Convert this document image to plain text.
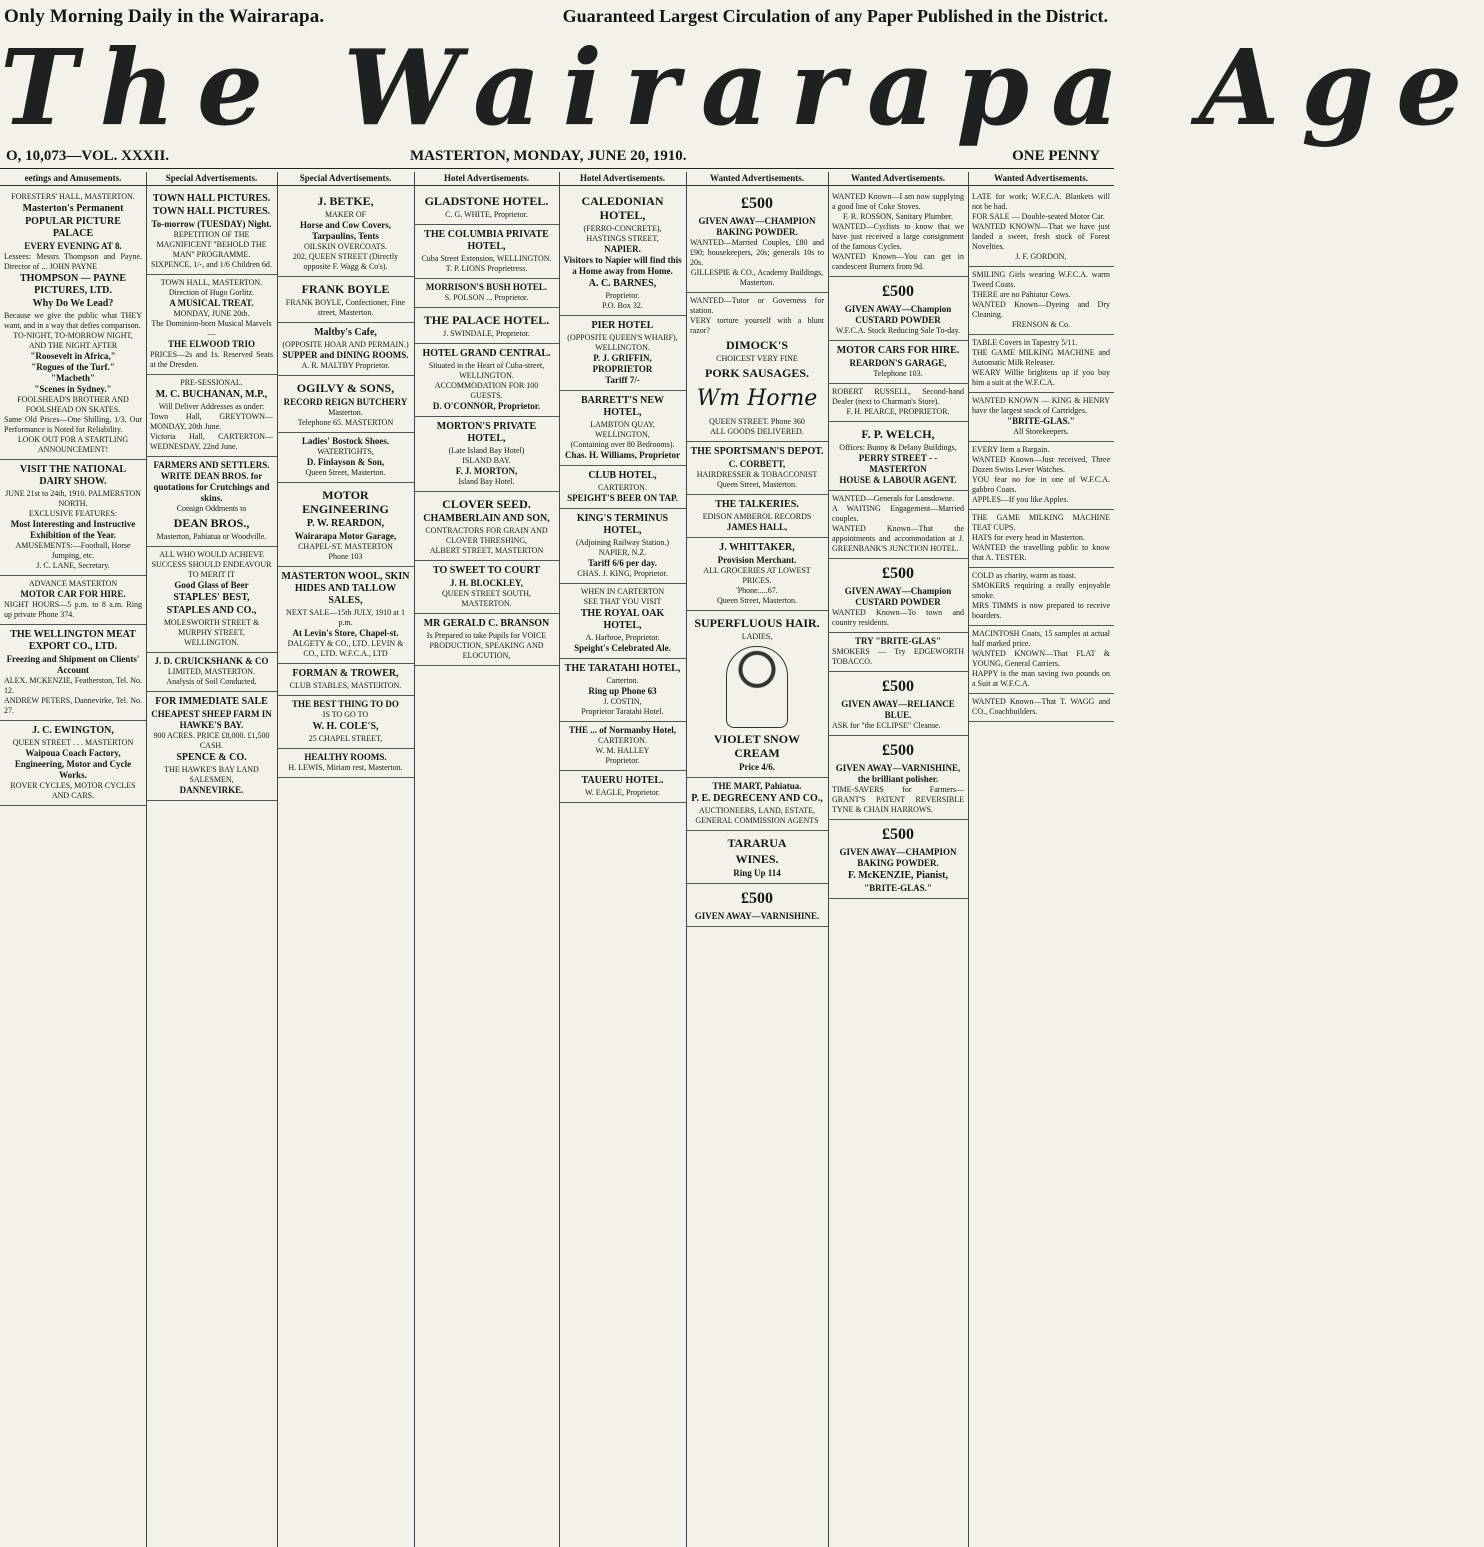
Only Morning Daily in the Wairarapa.	Guaranteed Largest Circulation of any Paper Published in the District.
The Wairarapa Age
O, 10,073—VOL. XXXII.	MASTERTON, MONDAY, JUNE 20, 1910.	ONE PENNY
eetings and Amusements.
FORESTERS' HALL, MASTERTON.
Masterton's Permanent
POPULAR PICTURE PALACE
EVERY EVENING AT 8.
Lessees: Messrs Thompson and Payne. Director of ... JOHN PAYNE
THOMPSON — PAYNE PICTURES, LTD.
Why Do We Lead?
Because we give the public what THEY want, and in a way that defies comparison.
TO-NIGHT, TO-MORROW NIGHT, AND THE NIGHT AFTER
"Roosevelt in Africa,"
"Rogues of the Turf."
"Macbeth"
"Scenes in Sydney."
FOOLSHEAD'S BROTHER AND FOOLSHEAD ON SKATES.
Same Old Prices—One Shilling, 1/3. Our Performance is Noted for Reliability.
LOOK OUT FOR A STARTLING ANNOUNCEMENT!
VISIT THE NATIONAL DAIRY SHOW.
JUNE 21st to 24th, 1910. PALMERSTON NORTH.
EXCLUSIVE FEATURES:
Most Interesting and Instructive Exhibition of the Year.
AMUSEMENTS:—Football, Horse Jumping, etc.
J. C. LANE, Secretary.
ADVANCE MASTERTON
MOTOR CAR FOR HIRE.
NIGHT HOURS—5 p.m. to 8 a.m. Ring up private Phone 374.
THE WELLINGTON MEAT EXPORT CO., LTD.
Freezing and Shipment on Clients' Account
ALEX. MCKENZIE, Featherston, Tel. No. 12.
ANDREW PETERS, Dannevirke, Tel. No. 27.
J. C. EWINGTON,
QUEEN STREET . . . MASTERTON
Waipoua Coach Factory, Engineering, Motor and Cycle Works.
ROVER CYCLES, MOTOR CYCLES AND CARS.
Special Advertisements.
TOWN HALL PICTURES.
TOWN HALL PICTURES.
To-morrow (TUESDAY) Night.
REPETITION OF THE MAGNIFICENT "BEHOLD THE MAN" PROGRAMME.
SIXPENCE, 1/-, and 1/6 Children 6d.
TOWN HALL, MASTERTON.
Direction of Hugo Gorlitz.
A MUSICAL TREAT.
MONDAY, JUNE 20th.
The Dominion-born Musical Marvels—
THE ELWOOD TRIO
PRICES—2s and 1s. Reserved Seats at the Dresden.
PRE-SESSIONAL.
M. C. BUCHANAN, M.P.,
Will Deliver Addresses as under:
Town Hall, GREYTOWN—MONDAY, 20th June.
Victoria Hall, CARTERTON—WEDNESDAY, 22nd June.
FARMERS AND SETTLERS.
WRITE DEAN BROS. for quotations for Crutchings and skins.
Consign Oddments to
DEAN BROS.,
Masterton, Pahiatua or Woodville.
ALL WHO WOULD ACHIEVE SUCCESS SHOULD ENDEAVOUR TO MERIT IT
Good Glass of Beer
STAPLES' BEST,
STAPLES AND CO.,
MOLESWORTH STREET & MURPHY STREET, WELLINGTON.
J. D. CRUICKSHANK & CO
LIMITED, MASTERTON.
Analysis of Soil Conducted.
FOR IMMEDIATE SALE
CHEAPEST SHEEP FARM IN HAWKE'S BAY.
900 ACRES. PRICE £8,000. £1,500 CASH.
SPENCE & CO.
THE HAWKE'S BAY LAND SALESMEN,
DANNEVIRKE.
Special Advertisements.
J. BETKE,
MAKER OF
Horse and Cow Covers, Tarpaulins, Tents
OILSKIN OVERCOATS.
202, QUEEN STREET (Directly opposite F. Wagg & Co's).
FRANK BOYLE
FRANK BOYLE, Confectioner, Fine street, Masterton.
Maltby's Cafe,
(OPPOSITE HOAR AND PERMAIN.)
SUPPER and DINING ROOMS.
A. R. MALTBY Proprietor.
OGILVY & SONS,
RECORD REIGN BUTCHERY
Masterton.
Telephone 65. MASTERTON
Ladies' Bostock Shoes.
WATERTIGHTS,
D. Finlayson & Son,
Queen Street, Masterton.
MOTOR ENGINEERING
P. W. REARDON,
Wairarapa Motor Garage,
CHAPEL-ST. MASTERTON
Phone 103
MASTERTON WOOL, SKIN HIDES AND TALLOW SALES,
NEXT SALE—15th JULY, 1910 at 1 p.m.
At Levin's Store, Chapel-st.
DALGETY & CO., LTD. LEVIN & CO., LTD. W.F.C.A., LTD
FORMAN & TROWER,
CLUB STABLES, MASTERTON.
THE BEST THING TO DO
IS TO GO TO
W. H. COLE'S,
25 CHAPEL STREET,
HEALTHY ROOMS.
H. LEWIS, Miriam rest, Masterton.
Hotel Advertisements.
GLADSTONE HOTEL.
C. G. WHITE, Proprietor.
THE COLUMBIA PRIVATE HOTEL,
Cuba Street Extension, WELLINGTON.
T. P. LIONS Proprietress.
MORRISON'S BUSH HOTEL.
S. POLSON ... Proprietor.
THE PALACE HOTEL.
J. SWINDALE, Proprietor.
HOTEL GRAND CENTRAL.
Situated in the Heart of Cuba-street, WELLINGTON.
ACCOMMODATION FOR 100 GUESTS.
D. O'CONNOR, Proprietor.
MORTON'S PRIVATE HOTEL,
(Late Island Bay Hotel)
ISLAND BAY.
F. J. MORTON,
Island Bay Hotel.
CLOVER SEED.
CHAMBERLAIN AND SON,
CONTRACTORS FOR GRAIN AND CLOVER THRESHING,
ALBERT STREET, MASTERTON
TO SWEET TO COURT
J. H. BLOCKLEY,
QUEEN STREET SOUTH, MASTERTON.
MR GERALD C. BRANSON
Is Prepared to take Pupils for VOICE PRODUCTION, SPEAKING AND ELOCUTION,
Hotel Advertisements.
CALEDONIAN HOTEL,
(FERRO-CONCRETE),
HASTINGS STREET,
NAPIER.
Visitors to Napier will find this a Home away from Home.
A. C. BARNES,
Proprietor.
P.O. Box 32.
PIER HOTEL
(OPPOSITE QUEEN'S WHARF),
WELLINGTON.
P. J. GRIFFIN, PROPRIETOR
Tariff 7/-
BARRETT'S NEW HOTEL,
LAMBTON QUAY,
WELLINGTON,
(Containing over 80 Bedrooms).
Chas. H. Williams, Proprietor
CLUB HOTEL,
CARTERTON.
SPEIGHT'S BEER ON TAP.
KING'S TERMINUS HOTEL,
(Adjoining Railway Station.)
NAPIER, N.Z.
Tariff 6/6 per day.
CHAS. J. KING, Proprietor.
WHEN IN CARTERTON
SEE THAT YOU VISIT
THE ROYAL OAK HOTEL,
A. Harbroe, Proprietor.
Speight's Celebrated Ale.
THE TARATAHI HOTEL,
Carterton.
Ring up Phone 63
J. COSTIN,
Proprietor Taratahi Hotel.
THE ... of Normanby Hotel,
CARTERTON.
W. M. HALLEY
Proprietor.
TAUERU HOTEL.
W. EAGLE, Proprietor.
Wanted Advertisements.
£500
GIVEN AWAY—CHAMPION BAKING POWDER.
WANTED—Married Couples, £80 and £90; housekeepers, 20s; generals 10s to 20s.
GILLESPIE & CO., Academy Buildings, Masterton.
WANTED—Tutor or Governess for station.
VERY torture yourself with a blunt razor?
DIMOCK'S
CHOICEST VERY FINE
PORK SAUSAGES.
Wm Horne
QUEEN STREET. Phone 360
ALL GOODS DELIVERED.
THE SPORTSMAN'S DEPOT.
C. CORBETT,
HAIRDRESSER & TOBACCONIST
Queen Street, Masterton.
THE TALKERIES.
EDISON AMBEROL RECORDS
JAMES HALL,
J. WHITTAKER,
Provision Merchant.
ALL GROCERIES AT LOWEST PRICES.
'Phone.....67.
Queen Street, Masterton.
SUPERFLUOUS HAIR.
LADIES,
VIOLET SNOW CREAM
Price 4/6.
THE MART, Pahiatua.
P. E. DEGRECENY AND CO.,
AUCTIONEERS, LAND, ESTATE, GENERAL COMMISSION AGENTS
TARARUA
WINES.
Ring Up 114
£500
GIVEN AWAY—VARNISHINE.
Wanted Advertisements.
WANTED Known—I am now supplying a good line of Coke Stoves.
F. R. ROSSON, Sanitary Plumber.
WANTED—Cyclists to know that we have just received a large consignment of the famous Cycles.
WANTED Known—You can get in candescent Burners from 9d.
£500
GIVEN AWAY—Champion CUSTARD POWDER
W.F.C.A. Stock Reducing Sale To-day.
MOTOR CARS FOR HIRE.
REARDON'S GARAGE,
Telephone 103.
ROBERT RUSSELL, Second-hand Dealer (next to Charman's Store).
F. H. PEARCE, PROPRIETOR.
F. P. WELCH,
Offices: Bunny & Delany Buildings,
PERRY STREET - - MASTERTON
HOUSE & LABOUR AGENT.
WANTED—Generals for Lansdowne.
A WAITING Engagement—Married couples.
WANTED Known—That the appointments and accommodation at J. GREENBANK'S JUNCTION HOTEL.
£500
GIVEN AWAY—Champion CUSTARD POWDER
WANTED Known—To town and country residents.
TRY "BRITE-GLAS"
SMOKERS — Try EDGEWORTH TOBACCO.
£500
GIVEN AWAY—RELIANCE BLUE.
ASK for "the ECLIPSE" Cleanse.
£500
GIVEN AWAY—VARNISHINE, the brilliant polisher.
TIME-SAVERS for Farmers—GRANT'S PATENT REVERSIBLE TYNE & CHAIN HARROWS.
£500
GIVEN AWAY—CHAMPION BAKING POWDER.
F. McKENZIE, Pianist,
"BRITE-GLAS."
Wanted Advertisements.
LATE for work; W.F.C.A. Blankets will not be had.
FOR SALE — Double-seated Motor Car.
WANTED KNOWN—That we have just landed a sweet, fresh stock of Forest Novelties.
J. F. GORDON,
SMILING Girls wearing W.F.C.A. warm Tweed Coats.
THERE are no Pahiatur Cows.
WANTED Known—Dyeing and Dry Cleaning.
FRENSON & Co.
TABLE Covers in Tapestry 5/11.
THE GAME MILKING MACHINE and Automatic Milk Releaser.
WEARY Willie brightens up if you buy him a suit at the W.F.C.A.
WANTED KNOWN — KING & HENRY have the largest stock of Cartridges.
"BRITE-GLAS."
All Storekeepers.
EVERY Item a Bargain.
WANTED Known—Just received, Three Dozen Swiss Lever Watches.
YOU fear no foe in one of W.F.C.A. gabbro Coats.
APPLES—If you like Apples.
THE GAME MILKING MACHINE TEAT CUPS.
HATS for every head in Masterton.
WANTED the travelling public to know that A. TESTER.
COLD as charity, warm as toast.
SMOKERS requiring a really enjoyable smoke.
MRS TIMMS is now prepared to receive boarders.
MACINTOSH Coats, 15 samples at actual half marked price.
WANTED KNOWN—That FLAT & YOUNG, General Carriers.
HAPPY is the man saving two pounds on a Suit at W.F.C.A.
WANTED Known—That T. WAGG and CO., Coachbuilders.
